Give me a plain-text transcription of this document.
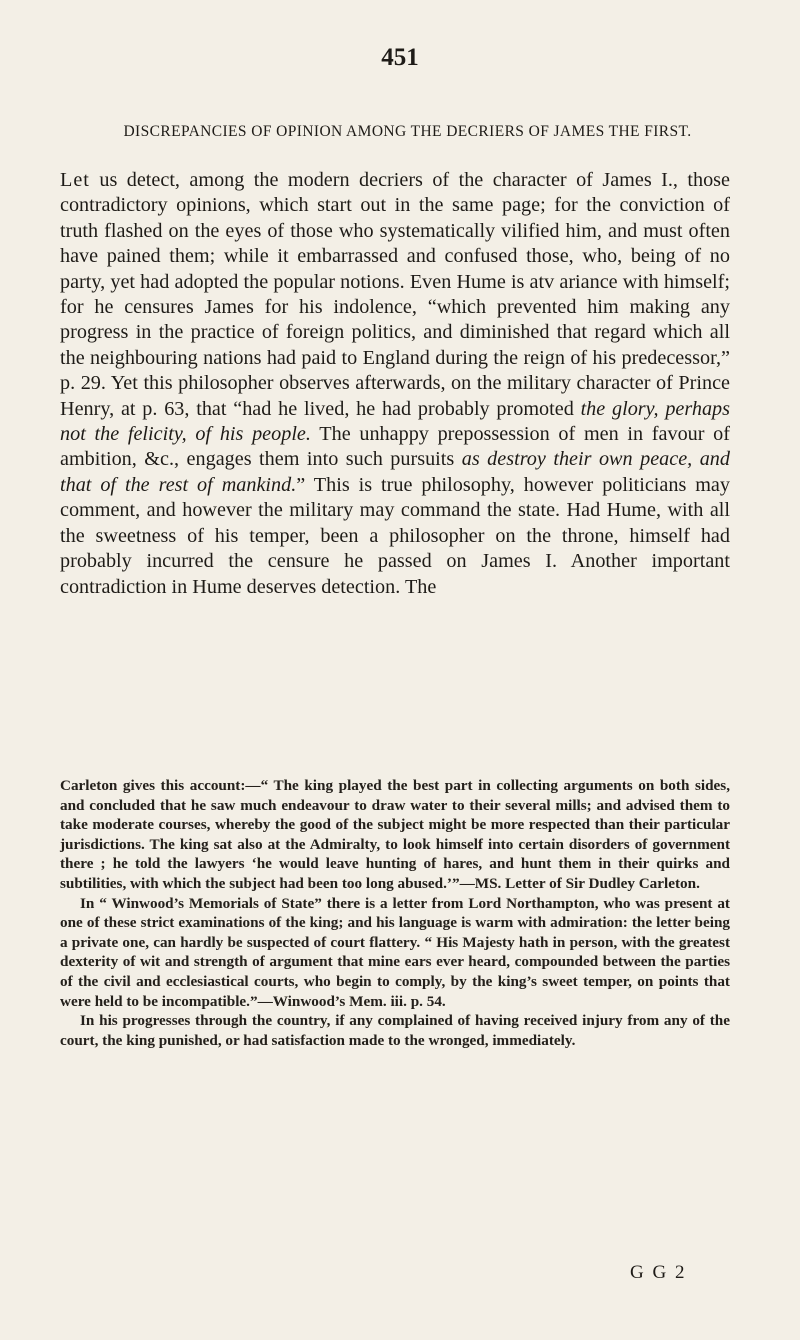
451
DISCREPANCIES OF OPINION AMONG THE DECRIERS OF JAMES THE FIRST.

Let us detect, among the modern decriers of the character of James I., those contradictory opinions, which start out in the same page; for the conviction of truth flashed on the eyes of those who systematically vilified him, and must often have pained them; while it embarrassed and confused those, who, being of no party, yet had adopted the popular notions. Even Hume is atv ariance with himself; for he censures James for his indolence, “which prevented him making any progress in the practice of foreign politics, and diminished that regard which all the neighbouring nations had paid to England during the reign of his predecessor,” p. 29. Yet this philosopher observes afterwards, on the military character of Prince Henry, at p. 63, that “had he lived, he had probably promoted the glory, perhaps not the felicity, of his people. The unhappy prepossession of men in favour of ambition, &c., engages them into such pursuits as destroy their own peace, and that of the rest of mankind.” This is true philosophy, however politicians may comment, and however the military may command the state. Had Hume, with all the sweetness of his temper, been a philosopher on the throne, himself had probably incurred the censure he passed on James I. Another important contradiction in Hume deserves detection. The

Carleton gives this account:—“ The king played the best part in collecting arguments on both sides, and concluded that he saw much endeavour to draw water to their several mills; and advised them to take moderate courses, whereby the good of the subject might be more respected than their particular jurisdictions. The king sat also at the Admiralty, to look himself into certain disorders of government there ; he told the lawyers ‘he would leave hunting of hares, and hunt them in their quirks and subtilities, with which the subject had been too long abused.’”—MS. Letter of Sir Dudley Carleton.

In “ Winwood’s Memorials of State” there is a letter from Lord Northampton, who was present at one of these strict examinations of the king; and his language is warm with admiration: the letter being a private one, can hardly be suspected of court flattery. “ His Majesty hath in person, with the greatest dexterity of wit and strength of argument that mine ears ever heard, compounded between the parties of the civil and ecclesiastical courts, who begin to comply, by the king’s sweet temper, on points that were held to be incompatible.”—Winwood’s Mem. iii. p. 54.

In his progresses through the country, if any complained of having received injury from any of the court, the king punished, or had satisfaction made to the wronged, immediately.

G G 2
